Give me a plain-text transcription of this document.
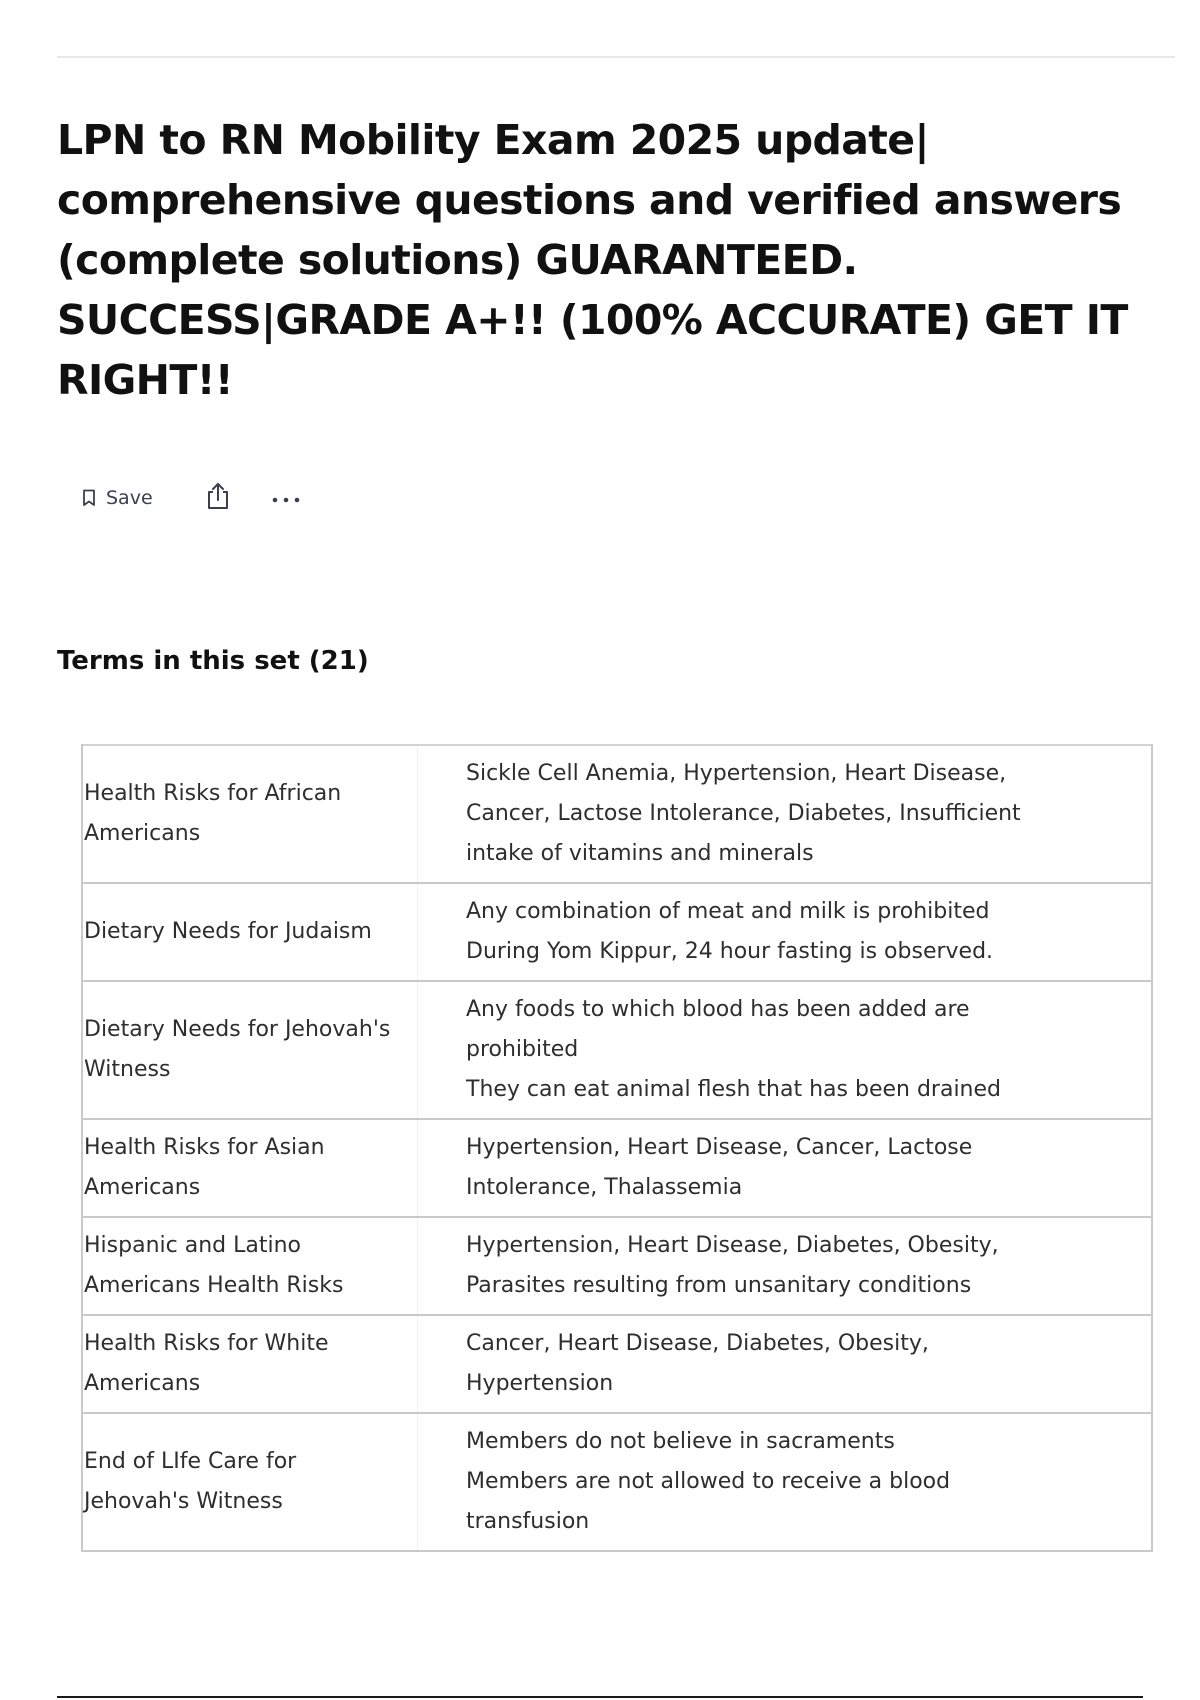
LPN to RN Mobility Exam 2025 update| comprehensive questions and verified answers (complete solutions) GUARANTEED. SUCCESS|GRADE A+!! (100% ACCURATE) GET IT RIGHT!!
Save
Terms in this set (21)
Health Risks for African Americans	Sickle Cell Anemia, Hypertension, Heart Disease, Cancer, Lactose Intolerance, Diabetes, Insufficient intake of vitamins and minerals

Dietary Needs for Judaism	Any combination of meat and milk is prohibited
During Yom Kippur, 24 hour fasting is observed.

Dietary Needs for Jehovah's Witness	Any foods to which blood has been added are prohibited
They can eat animal flesh that has been drained

Health Risks for Asian Americans	Hypertension, Heart Disease, Cancer, Lactose Intolerance, Thalassemia

Hispanic and Latino Americans Health Risks	Hypertension, Heart Disease, Diabetes, Obesity, Parasites resulting from unsanitary conditions

Health Risks for White Americans	Cancer, Heart Disease, Diabetes, Obesity, Hypertension

End of LIfe Care for Jehovah's Witness	Members do not believe in sacraments
Members are not allowed to receive a blood transfusion
